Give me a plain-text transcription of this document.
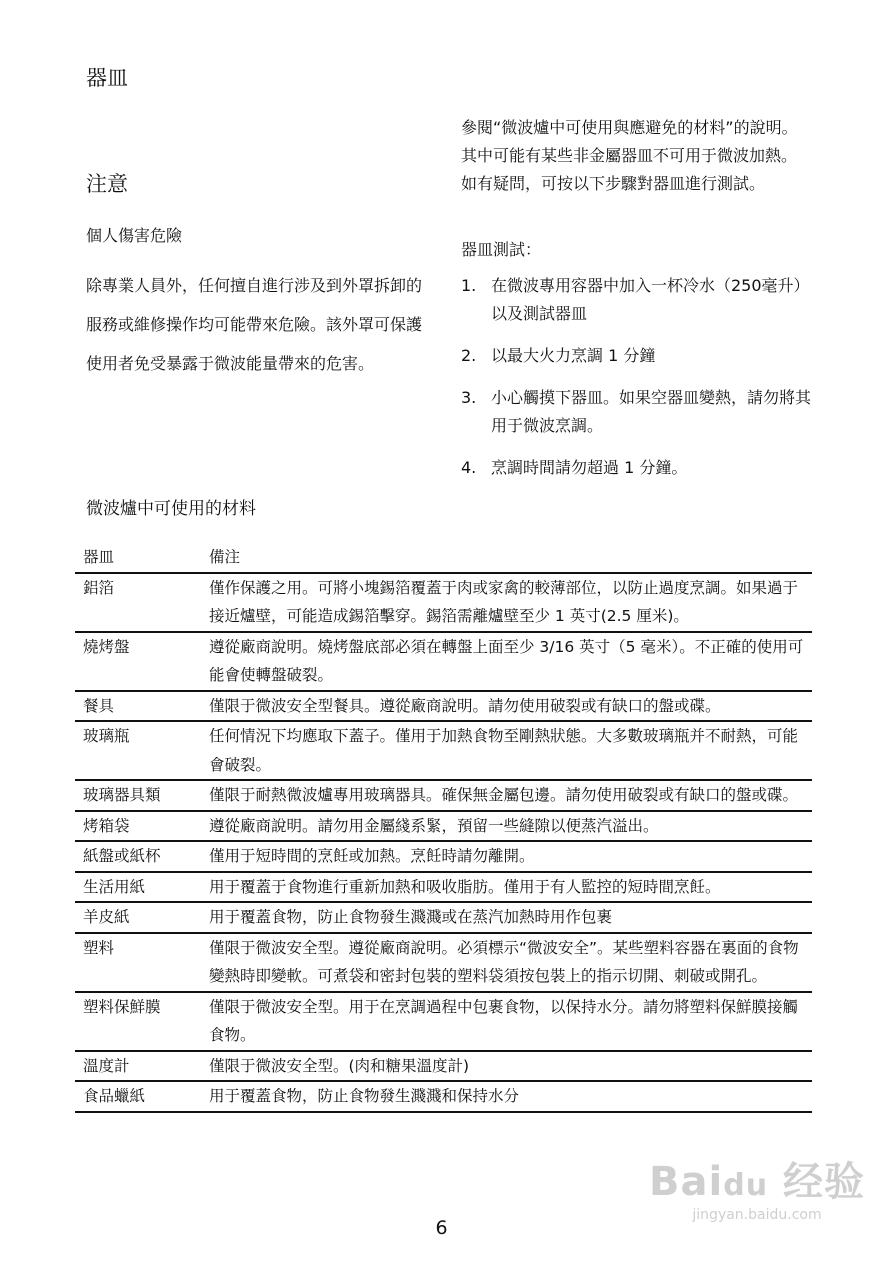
器皿
注意
個人傷害危險
除專業人員外，任何擅自進行涉及到外罩拆卸的服務或維修操作均可能帶來危險。該外罩可保護使用者免受暴露于微波能量帶來的危害。
參閱“微波爐中可使用與應避免的材料”的說明。其中可能有某些非金屬器皿不可用于微波加熱。如有疑問，可按以下步驟對器皿進行測試。
器皿測試：
1. 在微波專用容器中加入一杯冷水（250毫升）以及測試器皿
2. 以最大火力烹調 1 分鐘
3. 小心觸摸下器皿。如果空器皿變熱，請勿將其用于微波烹調。
4. 烹調時間請勿超過 1 分鐘。
微波爐中可使用的材料
器皿	備注
鋁箔	僅作保護之用。可將小塊錫箔覆蓋于肉或家禽的較薄部位，以防止過度烹調。如果過于接近爐壁，可能造成錫箔擊穿。錫箔需離爐壁至少 1 英寸(2.5 厘米)。
燒烤盤	遵從廠商說明。燒烤盤底部必須在轉盤上面至少 3/16 英寸（5 毫米）。不正確的使用可能會使轉盤破裂。
餐具	僅限于微波安全型餐具。遵從廠商說明。請勿使用破裂或有缺口的盤或碟。
玻璃瓶	任何情況下均應取下蓋子。僅用于加熱食物至剛熱狀態。大多數玻璃瓶并不耐熱，可能會破裂。
玻璃器具類	僅限于耐熱微波爐專用玻璃器具。確保無金屬包邊。請勿使用破裂或有缺口的盤或碟。
烤箱袋	遵從廠商說明。請勿用金屬綫系緊，預留一些縫隙以便蒸汽溢出。
紙盤或紙杯	僅用于短時間的烹飪或加熱。烹飪時請勿離開。
生活用紙	用于覆蓋于食物進行重新加熱和吸收脂肪。僅用于有人監控的短時間烹飪。
羊皮紙	用于覆蓋食物，防止食物發生濺濺或在蒸汽加熱時用作包裹
塑料	僅限于微波安全型。遵從廠商說明。必須標示“微波安全”。某些塑料容器在裏面的食物變熱時即變軟。可煮袋和密封包裝的塑料袋須按包裝上的指示切開、刺破或開孔。
塑料保鮮膜	僅限于微波安全型。用于在烹調過程中包裹食物，以保持水分。請勿將塑料保鮮膜接觸食物。
溫度計	僅限于微波安全型。(肉和糖果溫度計)
食品蠟紙	用于覆蓋食物，防止食物發生濺濺和保持水分
6
Baidu 经验
jingyan.baidu.com
